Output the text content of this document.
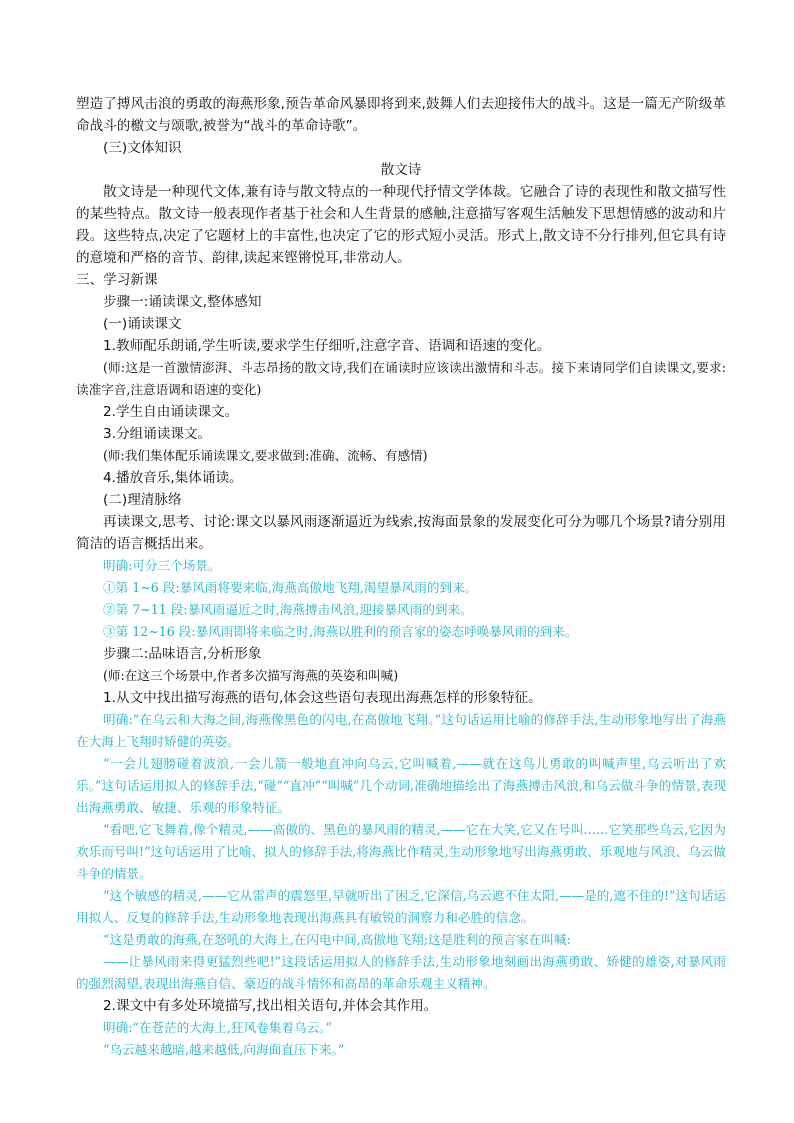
塑造了搏风击浪的勇敢的海燕形象,预告革命风暴即将到来,鼓舞人们去迎接伟大的战斗。这是一篇无产阶级革命战斗的檄文与颂歌,被誉为“战斗的革命诗歌”。

(三)文体知识

散文诗

散文诗是一种现代文体,兼有诗与散文特点的一种现代抒情文学体裁。它融合了诗的表现性和散文描写性的某些特点。散文诗一般表现作者基于社会和人生背景的感触,注意描写客观生活触发下思想情感的波动和片段。这些特点,决定了它题材上的丰富性,也决定了它的形式短小灵活。形式上,散文诗不分行排列,但它具有诗的意境和严格的音节、韵律,读起来铿锵悦耳,非常动人。

三、学习新课

步骤一:诵读课文,整体感知

(一)诵读课文

1.教师配乐朗诵,学生听读,要求学生仔细听,注意字音、语调和语速的变化。

(师:这是一首激情澎湃、斗志昂扬的散文诗,我们在诵读时应该读出激情和斗志。接下来请同学们自读课文,要求:读准字音,注意语调和语速的变化)

2.学生自由诵读课文。

3.分组诵读课文。

(师:我们集体配乐诵读课文,要求做到:准确、流畅、有感情)

4.播放音乐,集体诵读。

(二)理清脉络

再读课文,思考、讨论:课文以暴风雨逐渐逼近为线索,按海面景象的发展变化可分为哪几个场景?请分别用简洁的语言概括出来。

明确:可分三个场景。

①第 1~6 段:暴风雨将要来临,海燕高傲地飞翔,渴望暴风雨的到来。

②第 7~11 段:暴风雨逼近之时,海燕搏击风浪,迎接暴风雨的到来。

③第 12~16 段:暴风雨即将来临之时,海燕以胜利的预言家的姿态呼唤暴风雨的到来。

步骤二:品味语言,分析形象

(师:在这三个场景中,作者多次描写海燕的英姿和叫喊)

1.从文中找出描写海燕的语句,体会这些语句表现出海燕怎样的形象特征。

明确:“在乌云和大海之间,海燕像黑色的闪电,在高傲地飞翔。”这句话运用比喻的修辞手法,生动形象地写出了海燕在大海上飞翔时矫健的英姿。

“一会儿翅膀碰着波浪,一会儿箭一般地直冲向乌云,它叫喊着,——就在这鸟儿勇敢的叫喊声里,乌云听出了欢乐。”这句话运用拟人的修辞手法,“碰”“直冲”“叫喊”几个动词,准确地描绘出了海燕搏击风浪,和乌云做斗争的情景,表现出海燕勇敢、敏捷、乐观的形象特征。

“看吧,它飞舞着,像个精灵,——高傲的、黑色的暴风雨的精灵,——它在大笑,它又在号叫……它笑那些乌云,它因为欢乐而号叫!”这句话运用了比喻、拟人的修辞手法,将海燕比作精灵,生动形象地写出海燕勇敢、乐观地与风浪、乌云做斗争的情景。

“这个敏感的精灵,——它从雷声的震怒里,早就听出了困乏,它深信,乌云遮不住太阳,——是的,遮不住的!”这句话运用拟人、反复的修辞手法,生动形象地表现出海燕具有敏锐的洞察力和必胜的信念。

“这是勇敢的海燕,在怒吼的大海上,在闪电中间,高傲地飞翔;这是胜利的预言家在叫喊:

——让暴风雨来得更猛烈些吧!”这段话运用拟人的修辞手法,生动形象地刻画出海燕勇敢、矫健的雄姿,对暴风雨的强烈渴望,表现出海燕自信、豪迈的战斗情怀和高昂的革命乐观主义精神。

2.课文中有多处环境描写,找出相关语句,并体会其作用。

明确:“在苍茫的大海上,狂风卷集着乌云。”

“乌云越来越暗,越来越低,向海面直压下来。”
